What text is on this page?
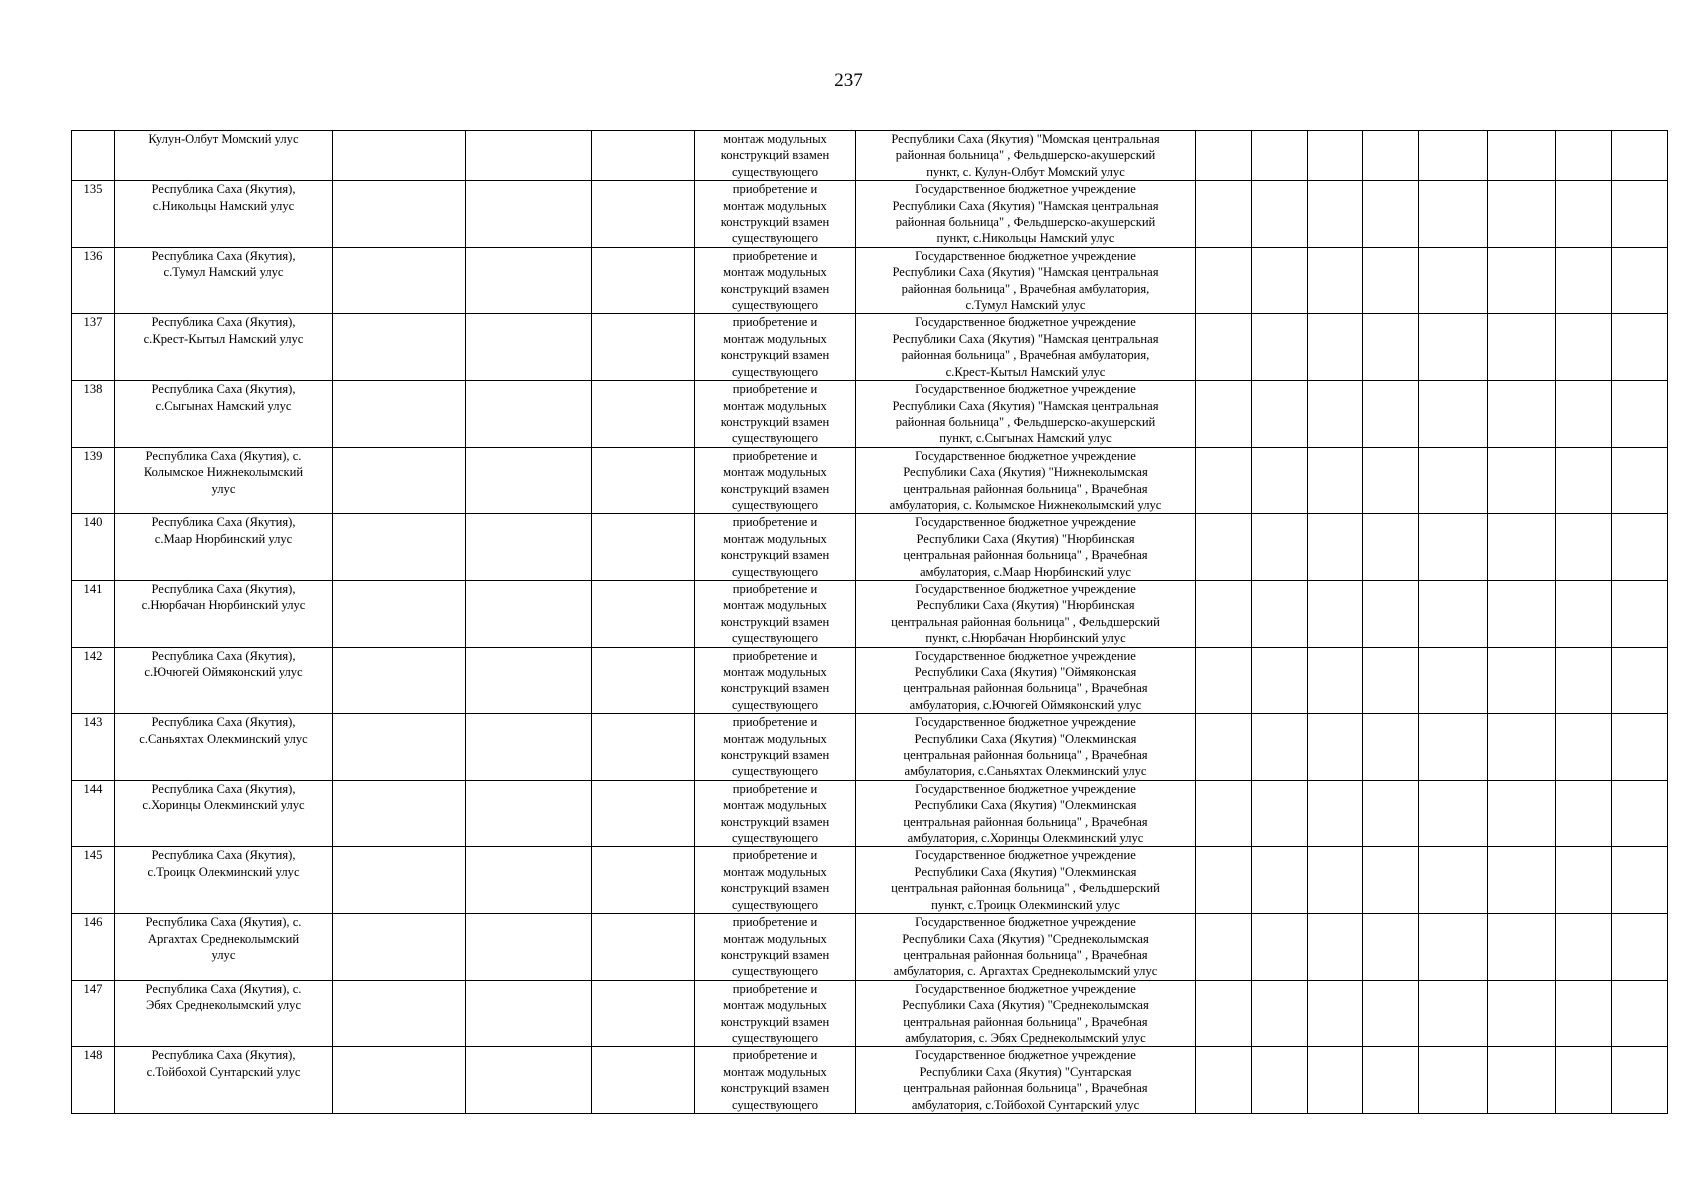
237
	Кулун-Олбут Момский улус				монтаж модульных
конструкций взамен
существующего	Республики Саха (Якутия) "Момская центральная
районная больница" , Фельдшерско-акушерский
пункт, с. Кулун-Олбут Момский улус								
135	Республика Саха (Якутия),
с.Никольцы Намский улус				приобретение и
монтаж модульных
конструкций взамен
существующего	Государственное бюджетное учреждение
Республики Саха (Якутия) "Намская центральная
районная больница" , Фельдшерско-акушерский
пункт, с.Никольцы Намский улус								
136	Республика Саха (Якутия),
с.Тумул Намский улус				приобретение и
монтаж модульных
конструкций взамен
существующего	Государственное бюджетное учреждение
Республики Саха (Якутия) "Намская центральная
районная больница" , Врачебная амбулатория,
с.Тумул Намский улус								
137	Республика Саха (Якутия),
с.Крест-Кытыл Намский улус				приобретение и
монтаж модульных
конструкций взамен
существующего	Государственное бюджетное учреждение
Республики Саха (Якутия) "Намская центральная
районная больница" , Врачебная амбулатория,
с.Крест-Кытыл Намский улус								
138	Республика Саха (Якутия),
с.Сыгынах Намский улус				приобретение и
монтаж модульных
конструкций взамен
существующего	Государственное бюджетное учреждение
Республики Саха (Якутия) "Намская центральная
районная больница" , Фельдшерско-акушерский
пункт, с.Сыгынах Намский улус								
139	Республика Саха (Якутия), с.
Колымское Нижнеколымский
улус				приобретение и
монтаж модульных
конструкций взамен
существующего	Государственное бюджетное учреждение
Республики Саха (Якутия) "Нижнеколымская
центральная районная больница" , Врачебная
амбулатория, с. Колымское Нижнеколымский улус								
140	Республика Саха (Якутия),
с.Маар Нюрбинский улус				приобретение и
монтаж модульных
конструкций взамен
существующего	Государственное бюджетное учреждение
Республики Саха (Якутия) "Нюрбинская
центральная районная больница" , Врачебная
амбулатория, с.Маар Нюрбинский улус								
141	Республика Саха (Якутия),
с.Нюрбачан Нюрбинский улус				приобретение и
монтаж модульных
конструкций взамен
существующего	Государственное бюджетное учреждение
Республики Саха (Якутия) "Нюрбинская
центральная районная больница" , Фельдшерский
пункт, с.Нюрбачан Нюрбинский улус								
142	Республика Саха (Якутия),
с.Ючюгей Оймяконский улус				приобретение и
монтаж модульных
конструкций взамен
существующего	Государственное бюджетное учреждение
Республики Саха (Якутия) "Оймяконская
центральная районная больница" , Врачебная
амбулатория, с.Ючюгей Оймяконский улус								
143	Республика Саха (Якутия),
с.Саньяхтах Олекминский улус				приобретение и
монтаж модульных
конструкций взамен
существующего	Государственное бюджетное учреждение
Республики Саха (Якутия) "Олекминская
центральная районная больница" , Врачебная
амбулатория, с.Саньяхтах Олекминский улус								
144	Республика Саха (Якутия),
с.Хоринцы Олекминский улус				приобретение и
монтаж модульных
конструкций взамен
существующего	Государственное бюджетное учреждение
Республики Саха (Якутия) "Олекминская
центральная районная больница" , Врачебная
амбулатория, с.Хоринцы Олекминский улус								
145	Республика Саха (Якутия),
с.Троицк Олекминский улус				приобретение и
монтаж модульных
конструкций взамен
существующего	Государственное бюджетное учреждение
Республики Саха (Якутия) "Олекминская
центральная районная больница" , Фельдшерский
пункт, с.Троицк Олекминский улус								
146	Республика Саха (Якутия), с.
Аргахтах Среднеколымский
улус				приобретение и
монтаж модульных
конструкций взамен
существующего	Государственное бюджетное учреждение
Республики Саха (Якутия) "Среднеколымская
центральная районная больница" , Врачебная
амбулатория, с. Аргахтах Среднеколымский улус								
147	Республика Саха (Якутия), с.
Эбях Среднеколымский улус				приобретение и
монтаж модульных
конструкций взамен
существующего	Государственное бюджетное учреждение
Республики Саха (Якутия) "Среднеколымская
центральная районная больница" , Врачебная
амбулатория, с. Эбях Среднеколымский улус								
148	Республика Саха (Якутия),
с.Тойбохой Сунтарский улус				приобретение и
монтаж модульных
конструкций взамен
существующего	Государственное бюджетное учреждение
Республики Саха (Якутия) "Сунтарская
центральная районная больница" , Врачебная
амбулатория, с.Тойбохой Сунтарский улус								
